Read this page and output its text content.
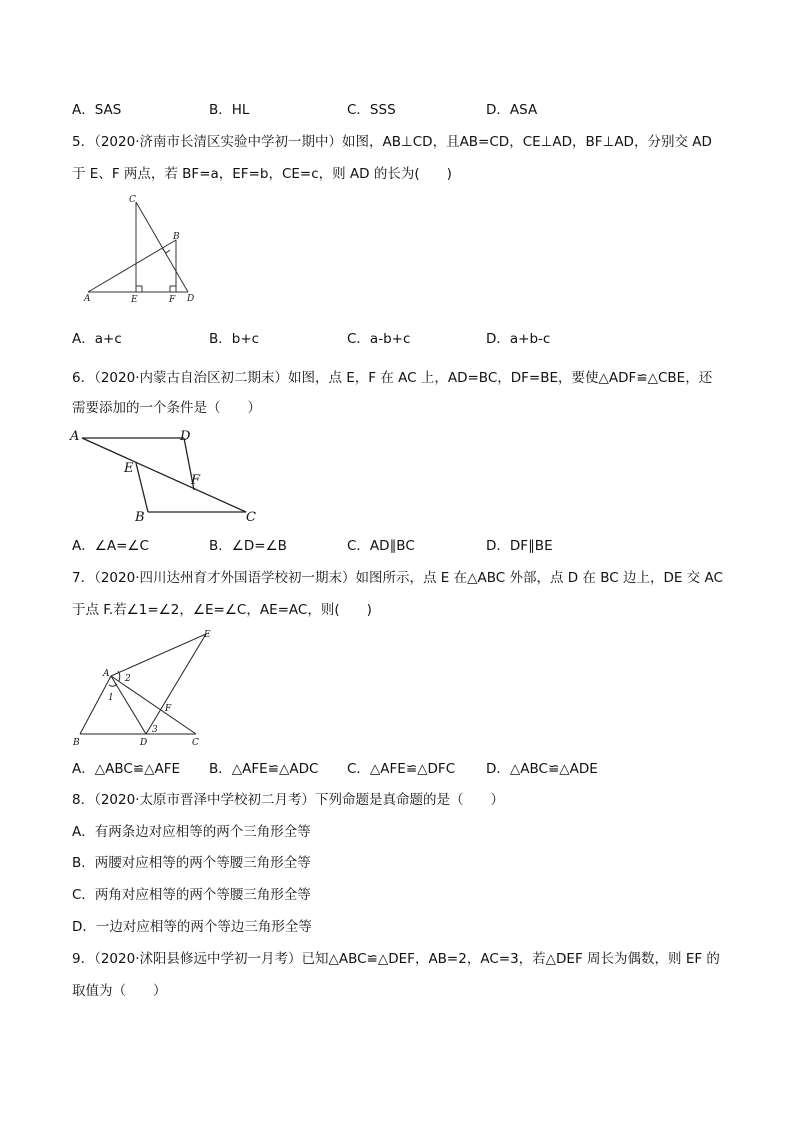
A．SAS	B．HL	C．SSS	D．ASA
5．（2020·济南市长清区实验中学初一期中）如图，AB⊥CD，且AB=CD，CE⊥AD，BF⊥AD，分别交 AD
于 E、F 两点，若 BF=a，EF=b，CE=c，则 AD 的长为(　　)
C
B
A	E	F D
A．a+c	B．b+c	C．a-b+c	D．a+b-c
6．（2020·内蒙古自治区初二期末）如图，点 E，F 在 AC 上，AD=BC，DF=BE，要使△ADF≌△CBE，还
需要添加的一个条件是（　　）
A	D
E
F
B	C
A．∠A=∠C	B．∠D=∠B	C．AD∥BC	D．DF∥BE
7．（2020·四川达州育才外国语学校初一期末）如图所示，点 E 在△ABC 外部，点 D 在 BC 边上，DE 交 AC
于点 F.若∠1=∠2，∠E=∠C，AE=AC，则(　　)
A
E
2
1
F
3
B	D	C
A．△ABC≌△AFE B．△AFE≌△ADC C．△AFE≌△DFC D．△ABC≌△ADE
8．（2020·太原市晋泽中学校初二月考）下列命题是真命题的是（　　）
A．有两条边对应相等的两个三角形全等
B．两腰对应相等的两个等腰三角形全等
C．两角对应相等的两个等腰三角形全等
D．一边对应相等的两个等边三角形全等
9．（2020·沭阳县修远中学初一月考）已知△ABC≌△DEF，AB=2，AC=3，若△DEF 周长为偶数，则 EF 的
取值为（　　）
